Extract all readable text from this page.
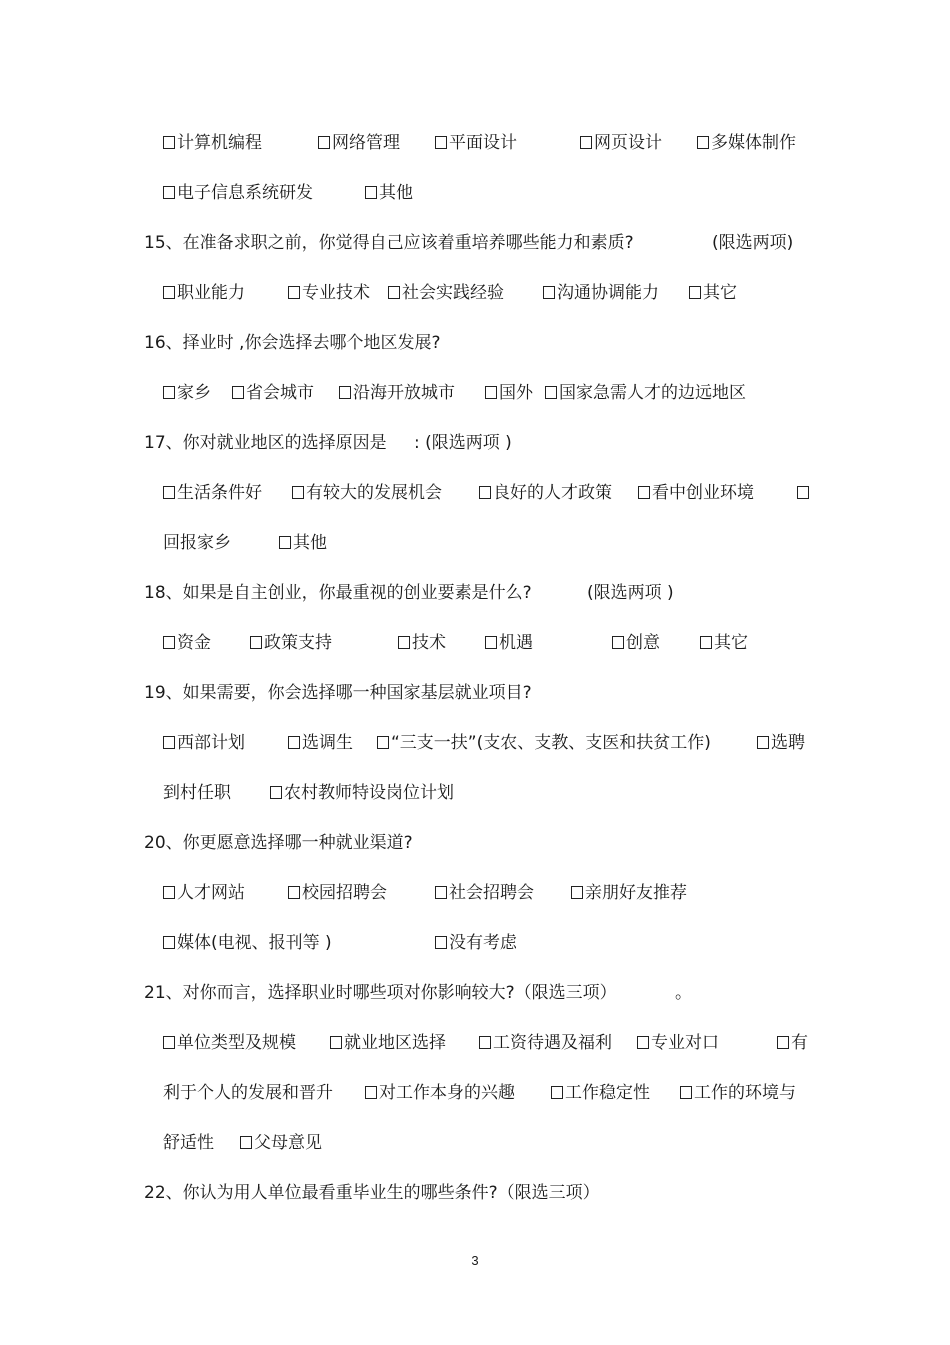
计算机编程	网络管理	平面设计	网页设计	多媒体制作
电子信息系统研发	其他
15、在准备求职之前，你觉得自己应该着重培养哪些能力和素质?	(限选两项)
职业能力	专业技术	社会实践经验	沟通协调能力	其它
16、择业时 ,你会选择去哪个地区发展?
家乡	省会城市	沿海开放城市	国外	国家急需人才的边远地区
17、你对就业地区的选择原因是 : (限选两项 )
生活条件好	有较大的发展机会	良好的人才政策	看中创业环境
回报家乡	其他
18、如果是自主创业，你最重视的创业要素是什么?	(限选两项 )
资金	政策支持	技术	机遇	创意	其它
19、如果需要，你会选择哪一种国家基层就业项目?
西部计划	选调生	“三支一扶”(支农、支教、支医和扶贫工作)	选聘
到村任职	农村教师特设岗位计划
20、你更愿意选择哪一种就业渠道?
人才网站	校园招聘会	社会招聘会	亲朋好友推荐
媒体(电视、报刊等 )	没有考虑
21、对你而言，选择职业时哪些项对你影响较大?（限选三项）	。
单位类型及规模	就业地区选择	工资待遇及福利	专业对口	有
利于个人的发展和晋升	对工作本身的兴趣	工作稳定性	工作的环境与
舒适性	父母意见
22、你认为用人单位最看重毕业生的哪些条件?（限选三项）
3
